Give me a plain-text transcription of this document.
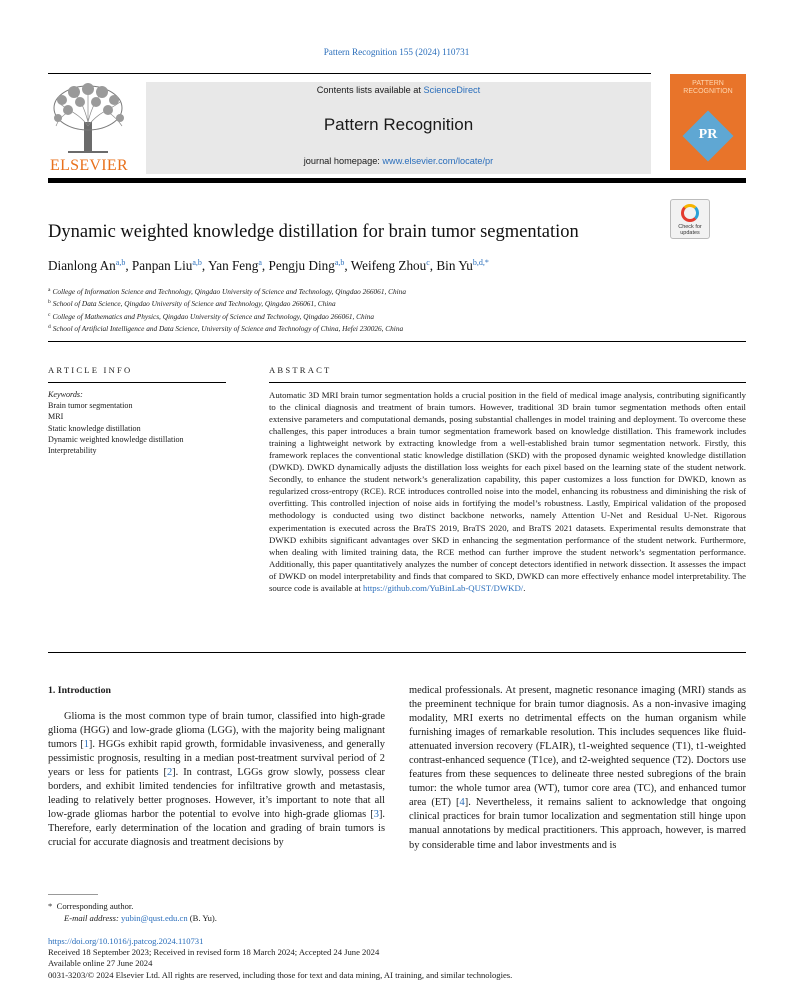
Pattern Recognition 155 (2024) 110731
ELSEVIER
Contents lists available at ScienceDirect
Pattern Recognition
journal homepage: www.elsevier.com/locate/pr
PATTERN RECOGNITION
PR
Dynamic weighted knowledge distillation for brain tumor segmentation	Check for
updates
Dianlong An$^{a,b}$, Panpan Liu$^{a,b}$, Yan Feng$^a$, Pengju Ding$^{a,b}$, Weifeng Zhou$^c$, Bin $Yu^{b,d,*}$
$^a$ College of Information Science and Technology, Qingdao University of Science and Technology, Qingdao 266061, China
$^b$ School of Data Science, Qingdao University of Science and Technology, Qingdao 266061, China
$^c$ College of Mathematics and Physics, Qingdao University of Science and Technology, Qingdao 266061, China
$^d$ School of Artificial Intelligence and Data Science, University of Science and Technology of China, Hefei 230026, China
ARTICLE INFO
Keywords:
Brain tumor segmentation
MRI
Static knowledge distillation
Dynamic weighted knowledge distillation
Interpretability
ABSTRACT
Automatic 3D MRI brain tumor segmentation holds a crucial position in the field of medical image analysis, contributing significantly to the clinical diagnosis and treatment of brain tumors. However, traditional 3D brain tumor segmentation methods often entail extensive parameters and computational demands, posing substantial challenges in model training and deployment. To overcome these challenges, this paper introduces a brain tumor segmentation framework based on knowledge distillation. This framework includes training a lightweight network by extracting knowledge from a well-established brain tumor segmentation network. Firstly, this framework replaces the conventional static knowledge distillation (SKD) with the proposed dynamic weighted knowledge distillation (DWKD). DWKD dynamically adjusts the distillation loss weights for each pixel based on the learning state of the student network. Secondly, to enhance the student network’s generalization capability, this paper customizes a loss function for DWKD, known as regularized cross-entropy (RCE). RCE introduces controlled noise into the model, enhancing its robustness and diminishing the risk of overfitting. This controlled injection of noise aids in fortifying the model’s robustness. Lastly, Empirical validation of the proposed methodology is conducted using two distinct backbone networks, namely Attention U-Net and Residual U-Net. Rigorous experimentation is executed across the BraTS 2019, BraTS 2020, and BraTS 2021 datasets. Experimental results demonstrate that DWKD exhibits significant advantages over SKD in enhancing the segmentation performance of the student network. Furthermore, when dealing with limited training data, the RCE method can further improve the student network’s segmentation performance. Additionally, this paper quantitatively analyzes the number of concept detectors identified in network dissection. It assesses the impact of DWKD on model interpretability and finds that compared to SKD, DWKD can more effectively enhance model interpretability. The source code is available at https://github.com/YuBinLab-QUST/DWKD/.
1. Introduction

Glioma is the most common type of brain tumor, classified into high-grade glioma (HGG) and low-grade glioma (LGG), with the majority being malignant tumors [1]. HGGs exhibit rapid growth, formidable invasiveness, and generally pessimistic prognosis, resulting in a median post-treatment survival period of 2 years or less for patients [2]. In contrast, LGGs grow slowly, possess clear borders, and exhibit limited tendencies for infiltrative growth and metastasis, leading to relatively better prognoses. However, it’s important to note that all low-grade gliomas harbor the potential to evolve into high-grade gliomas [3]. Therefore, early determination of the location and grading of brain tumors is crucial for accurate diagnosis and treatment decisions by

medical professionals. At present, magnetic resonance imaging (MRI) stands as the preeminent technique for brain tumor diagnosis. As a non-invasive imaging modality, MRI exerts no detrimental effects on the human organism while furnishing images of remarkable resolution. This includes sequences like fluid-attenuated inversion recovery (FLAIR), t1-weighted sequence (T1), t1-weighted contrast-enhanced sequence (T1ce), and t2-weighted sequence (T2). Doctors use features from these sequences to delineate three nested subregions of the brain tumor: the whole tumor area (WT), tumor core area (TC), and enhanced tumor area (ET) [4]. Nevertheless, it remains salient to acknowledge that ongoing clinical practices for brain tumor localization and segmentation still hinge upon manual annotations by medical practitioners. This approach, however, is marred by considerable time and labor investments and is

* Corresponding author.
E-mail address: yubin@qust.edu.cn (B. Yu).
https://doi.org/10.1016/j.patcog.2024.110731
Received 18 September 2023; Received in revised form 18 March 2024; Accepted 24 June 2024
Available online 27 June 2024
0031-3203/© 2024 Elsevier Ltd. All rights are reserved, including those for text and data mining, AI training, and similar technologies.
